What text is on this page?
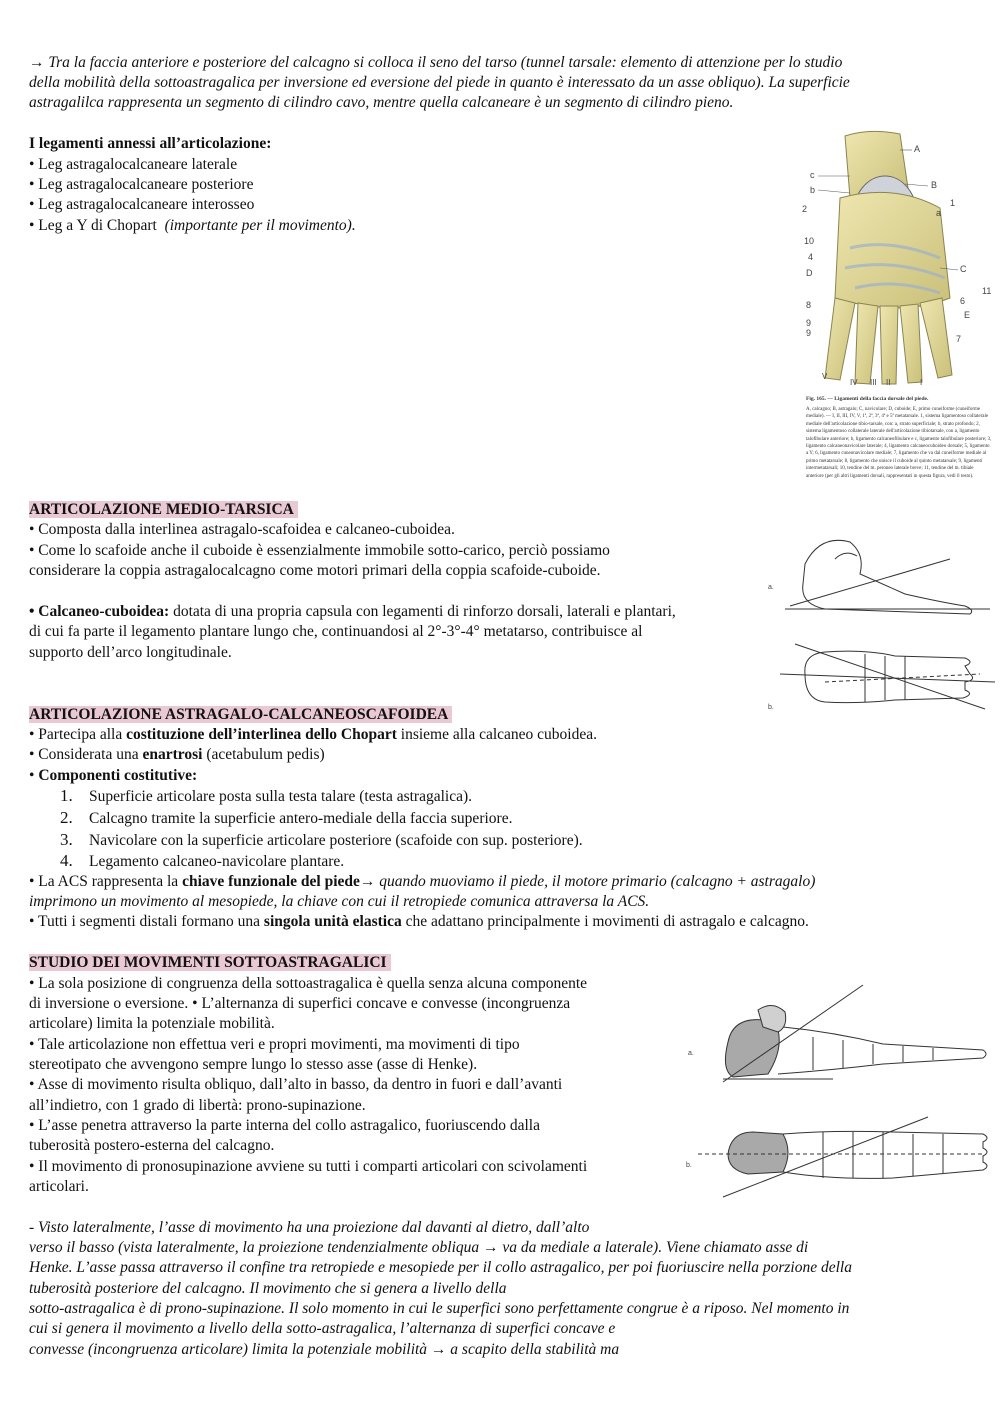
→ Tra la faccia anteriore e posteriore del calcagno si colloca il seno del tarso (tunnel tarsale: elemento di attenzione per lo studio
della mobilità della sottoastragalica per inversione ed eversione del piede in quanto è interessato da un asse obliquo). La superficie
astragalilca rappresenta un segmento di cilindro cavo, mentre quella calcaneare è un segmento di cilindro pieno.
I legamenti annessi all’articolazione:
• Leg astragalocalcaneare laterale
• Leg astragalocalcaneare posteriore
• Leg astragalocalcaneare interosseo
• Leg a Y di Chopart (importante per il movimento).
A
B
C
c
b
a
1
2
10
4
D
8
9
9
6
E
7
11
V
IV III II	I
Fig. 165. — Ligamenti della faccia dorsale del piede.
A, calcagno; B, astragalo; C, navicolare; D, cuboide; E, primo cuneiforme (cuneiforme mediale). — I, II, III, IV, V, 1ª, 2ª, 3ª, 4ª e 5ª metatarsale. 1, sistema ligamentoso collaterale mediale dell'articolazione tibio-tarsale, con: a, strato superficiale; b, strato profondo; 2, sistema ligamentoso collaterale laterale dell'articolazione tibiotarsale, con a, ligamento talofibulare anteriore; b, ligamento calcaneofibulare e c, ligamento talofibulare posteriore; 3, ligamento calcaneonavicolare laterale; 4, ligamento calcaneocuboideo dorsale; 5, ligamento a Y; 6, ligamento cuneonavicolare mediale; 7, ligamento che va dal cuneiforme mediale al primo metatarsale; 8, ligamento che unisce il cuboide al quinto metatarsale; 9, ligamenti intermetatarsali; 10, tendine del m. peroneo laterale breve; 11, tendine del m. tibiale anteriore (per gli altri ligamenti dorsali, rappresentati in questa figura, vedi il testo).
ARTICOLAZIONE MEDIO-TARSICA
• Composta dalla interlinea astragalo-scafoidea e calcaneo-cuboidea.
• Come lo scafoide anche il cuboide è essenzialmente immobile sotto-carico, perciò possiamo
considerare la coppia astragalocalcagno come motori primari della coppia scafoide-cuboide.
• Calcaneo-cuboidea: dotata di una propria capsula con legamenti di rinforzo dorsali, laterali e plantari,
di cui fa parte il legamento plantare lungo che, continuandosi al 2°-3°-4° metatarso, contribuisce al
supporto dell’arco longitudinale.
a.
b.
ARTICOLAZIONE ASTRAGALO-CALCANEOSCAFOIDEA
• Partecipa alla costituzione dell’interlinea dello Chopart insieme alla calcaneo cuboidea.
• Considerata una enartrosi (acetabulum pedis)
• Componenti costitutive:
1. Superficie articolare posta sulla testa talare (testa astragalica).
2. Calcagno tramite la superficie antero-mediale della faccia superiore.
3. Navicolare con la superficie articolare posteriore (scafoide con sup. posteriore).
4. Legamento calcaneo-navicolare plantare.
• La ACS rappresenta la chiave funzionale del piede→ quando muoviamo il piede, il motore primario (calcagno + astragalo)
imprimono un movimento al mesopiede, la chiave con cui il retropiede comunica attraversa la ACS.
• Tutti i segmenti distali formano una singola unità elastica che adattano principalmente i movimenti di astragalo e calcagno.
STUDIO DEI MOVIMENTI SOTTOASTRAGALICI
• La sola posizione di congruenza della sottoastragalica è quella senza alcuna componente
di inversione o eversione. • L’alternanza di superfici concave e convesse (incongruenza
articolare) limita la potenziale mobilità.
• Tale articolazione non effettua veri e propri movimenti, ma movimenti di tipo
stereotipato che avvengono sempre lungo lo stesso asse (asse di Henke).
• Asse di movimento risulta obliquo, dall’alto in basso, da dentro in fuori e dall’avanti
all’indietro, con 1 grado di libertà: prono-supinazione.
• L’asse penetra attraverso la parte interna del collo astragalico, fuoriuscendo dalla
tuberosità postero-esterna del calcagno.
• Il movimento di pronosupinazione avviene su tutti i comparti articolari con scivolamenti
articolari.
a.
b.
- Visto lateralmente, l’asse di movimento ha una proiezione dal davanti al dietro, dall’alto
verso il basso (vista lateralmente, la proiezione tendenzialmente obliqua → va da mediale a laterale). Viene chiamato asse di
Henke. L’asse passa attraverso il confine tra retropiede e mesopiede per il collo astragalico, per poi fuoriuscire nella porzione della
tuberosità posteriore del calcagno. Il movimento che si genera a livello della
sotto-astragalica è di prono-supinazione. Il solo momento in cui le superfici sono perfettamente congrue è a riposo. Nel momento in
cui si genera il movimento a livello della sotto-astragalica, l’alternanza di superfici concave e
convesse (incongruenza articolare) limita la potenziale mobilità → a scapito della stabilità ma
